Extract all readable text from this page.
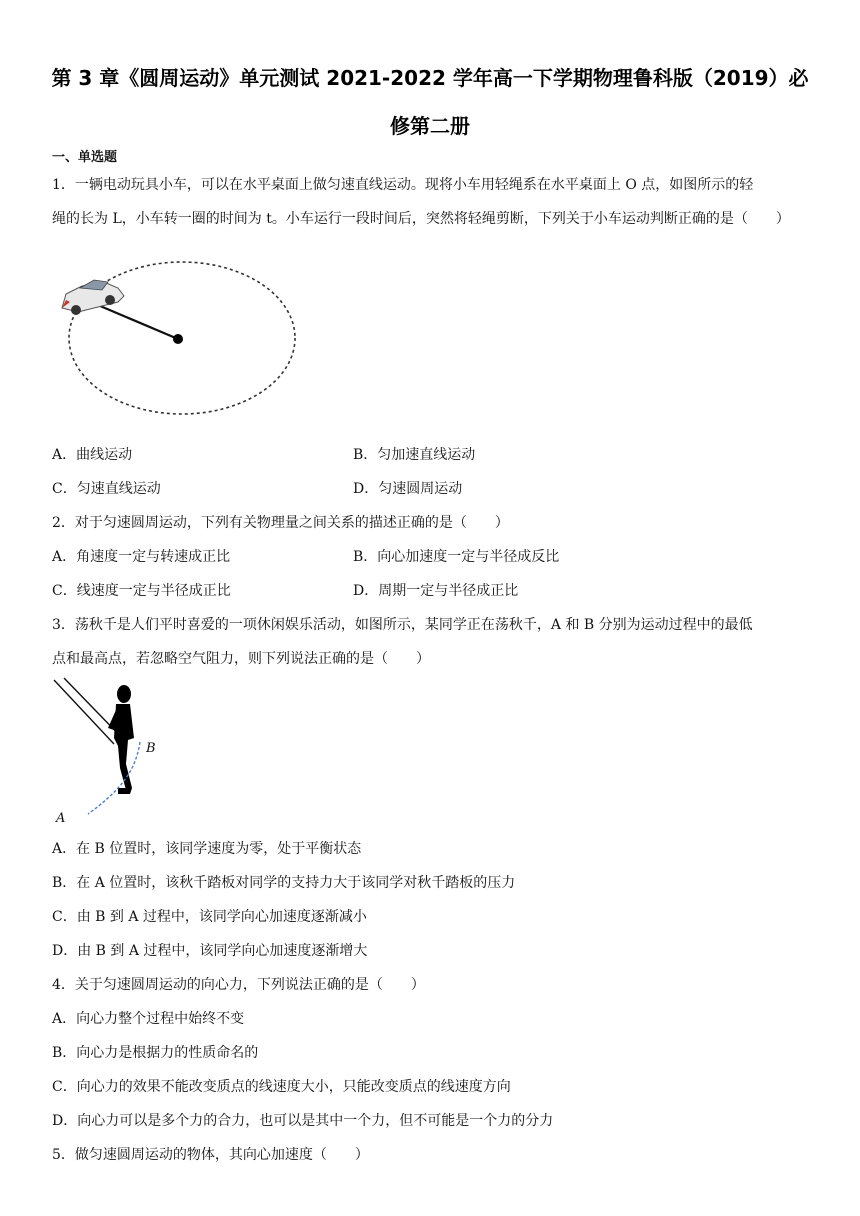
第 3 章《圆周运动》单元测试 2021-2022 学年高一下学期物理鲁科版（2019）必
修第二册
一、单选题
1．一辆电动玩具小车，可以在水平桌面上做匀速直线运动。现将小车用轻绳系在水平桌面上 O 点，如图所示的轻
绳的长为 L，小车转一圈的时间为 t。小车运行一段时间后，突然将轻绳剪断，下列关于小车运动判断正确的是（　　）
A．曲线运动	B．匀加速直线运动
C．匀速直线运动	D．匀速圆周运动
2．对于匀速圆周运动，下列有关物理量之间关系的描述正确的是（　　）
A．角速度一定与转速成正比	B．向心加速度一定与半径成反比
C．线速度一定与半径成正比	D．周期一定与半径成正比
3．荡秋千是人们平时喜爱的一项休闲娱乐活动，如图所示，某同学正在荡秋千，A 和 B 分别为运动过程中的最低
点和最高点，若忽略空气阻力，则下列说法正确的是（　　）
B
A
A．在 B 位置时，该同学速度为零，处于平衡状态
B．在 A 位置时，该秋千踏板对同学的支持力大于该同学对秋千踏板的压力
C．由 B 到 A 过程中，该同学向心加速度逐渐减小
D．由 B 到 A 过程中，该同学向心加速度逐渐增大
4．关于匀速圆周运动的向心力，下列说法正确的是（　　）
A．向心力整个过程中始终不变
B．向心力是根据力的性质命名的
C．向心力的效果不能改变质点的线速度大小，只能改变质点的线速度方向
D．向心力可以是多个力的合力，也可以是其中一个力，但不可能是一个力的分力
5．做匀速圆周运动的物体，其向心加速度（　　）
